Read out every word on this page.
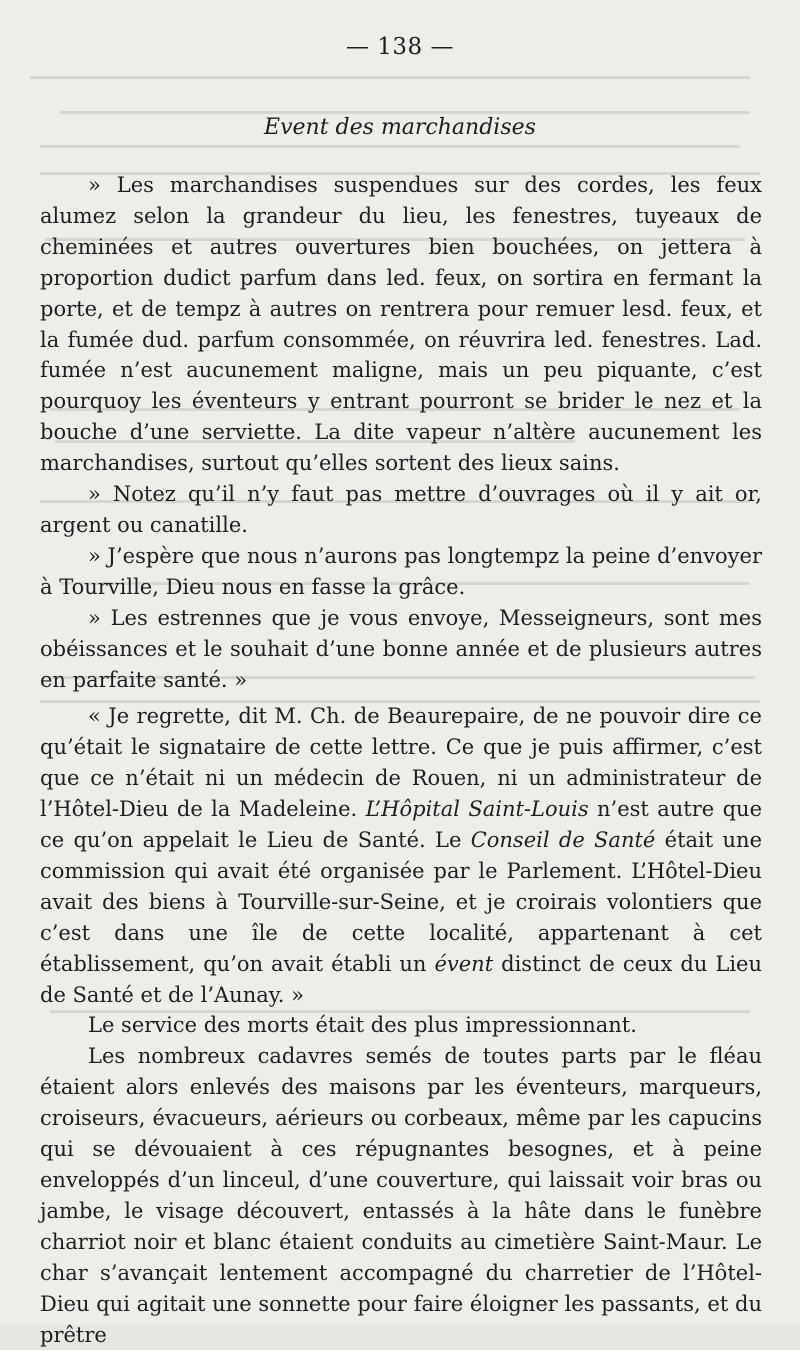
— 138 —
Event des marchandises

» Les marchandises suspendues sur des cordes, les feux alumez selon la grandeur du lieu, les fenestres, tuyeaux de cheminées et autres ouvertures bien bouchées, on jettera à proportion dudict parfum dans led. feux, on sortira en fermant la porte, et de tempz à autres on rentrera pour remuer lesd. feux, et la fumée dud. parfum consommée, on réuvrira led. fenestres. Lad. fumée n’est aucunement maligne, mais un peu piquante, c’est pourquoy les éventeurs y entrant pourront se brider le nez et la bouche d’une serviette. La dite vapeur n’altère aucunement les marchandises, surtout qu’elles sortent des lieux sains.

» Notez qu’il n’y faut pas mettre d’ouvrages où il y ait or, argent ou canatille.

» J’espère que nous n’aurons pas longtempz la peine d’envoyer à Tourville, Dieu nous en fasse la grâce.

» Les estrennes que je vous envoye, Messeigneurs, sont mes obéissances et le souhait d’une bonne année et de plusieurs autres en parfaite santé. »

« Je regrette, dit M. Ch. de Beaurepaire, de ne pouvoir dire ce qu’était le signataire de cette lettre. Ce que je puis affirmer, c’est que ce n’était ni un médecin de Rouen, ni un administrateur de l’Hôtel-Dieu de la Madeleine. L’Hôpital Saint-Louis n’est autre que ce qu’on appelait le Lieu de Santé. Le Conseil de Santé était une commission qui avait été organisée par le Parlement. L’Hôtel-Dieu avait des biens à Tourville-sur-Seine, et je croirais volontiers que c’est dans une île de cette localité, appartenant à cet établissement, qu’on avait établi un évent distinct de ceux du Lieu de Santé et de l’Aunay. »

Le service des morts était des plus impressionnant.

Les nombreux cadavres semés de toutes parts par le fléau étaient alors enlevés des maisons par les éventeurs, marqueurs, croiseurs, évacueurs, aérieurs ou corbeaux, même par les capucins qui se dévouaient à ces répugnantes besognes, et à peine enveloppés d’un linceul, d’une couverture, qui laissait voir bras ou jambe, le visage découvert, entassés à la hâte dans le funèbre charriot noir et blanc étaient conduits au cimetière Saint-Maur. Le char s’avançait lentement accompagné du charretier de l’Hôtel-Dieu qui agitait une sonnette pour faire éloigner les passants, et du prêtre
